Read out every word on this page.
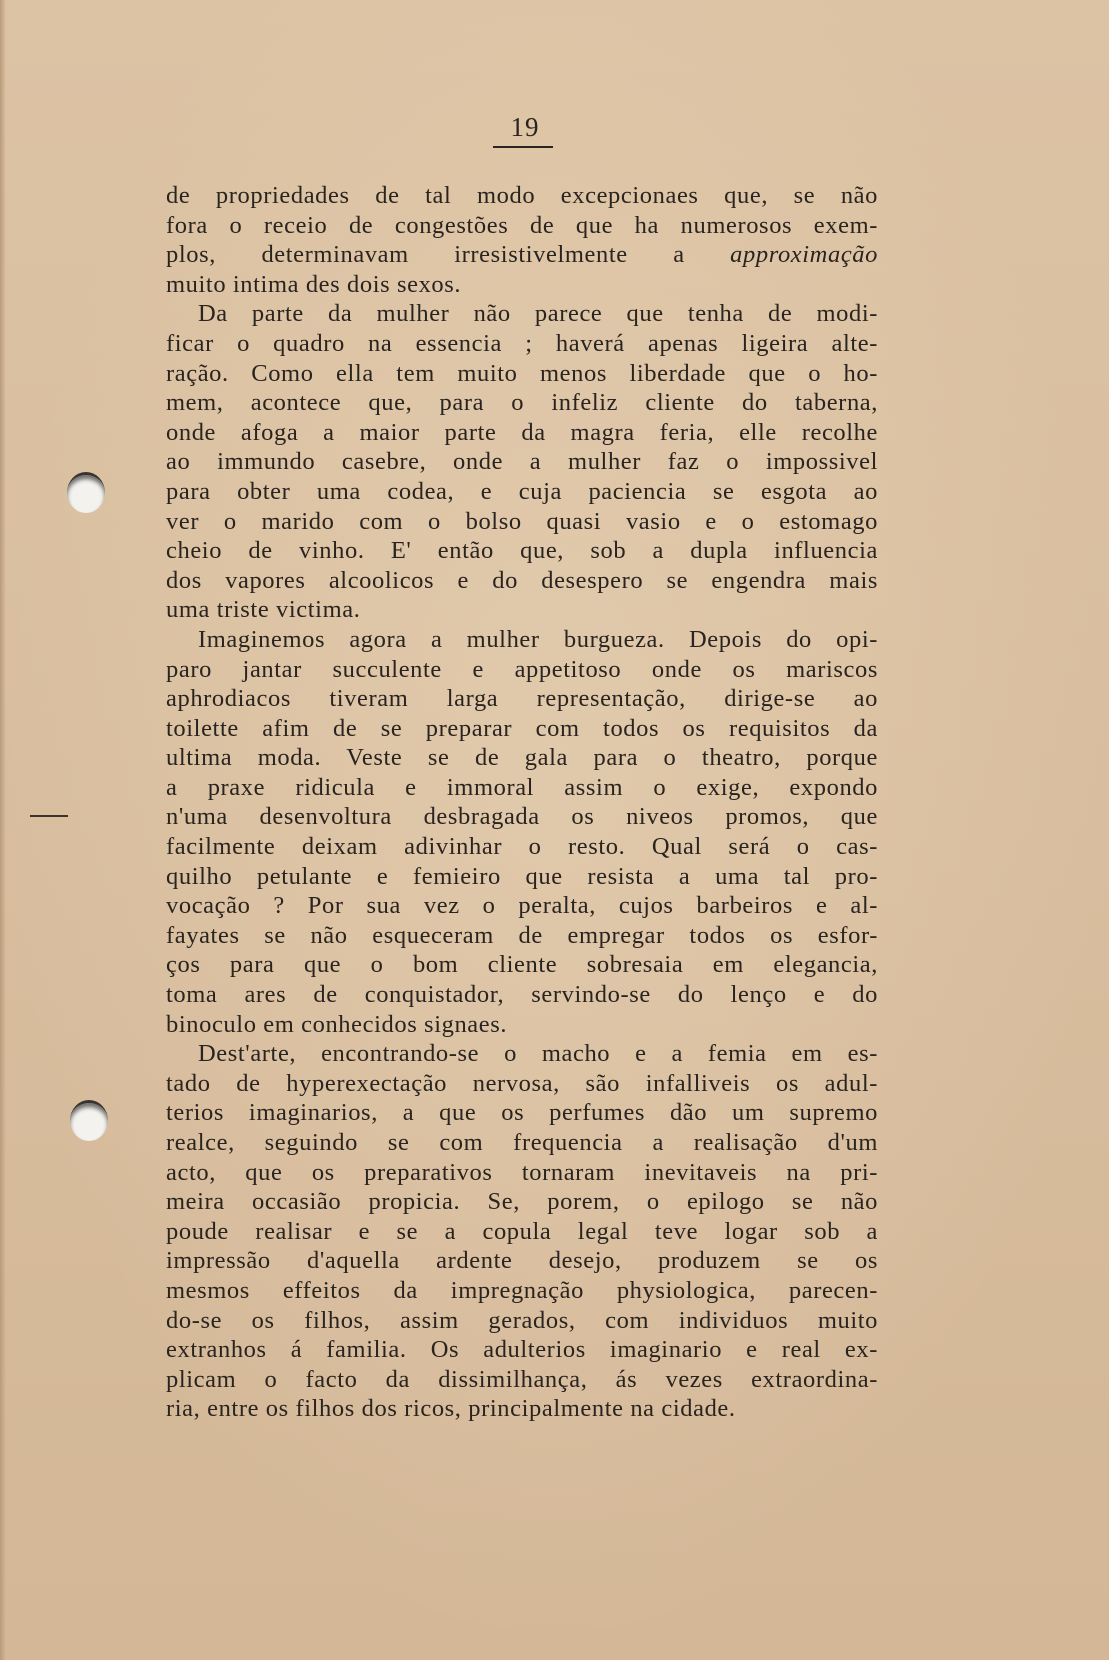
19
de propriedades de tal modo excepcionaes que, se não
fora o receio de congestões de que ha numerosos exem-
plos, determinavam irresistivelmente a approximação
muito intima des dois sexos.
Da parte da mulher não parece que tenha de modi-
ficar o quadro na essencia ; haverá apenas ligeira alte-
ração. Como ella tem muito menos liberdade que o ho-
mem, acontece que, para o infeliz cliente do taberna,
onde afoga a maior parte da magra feria, elle recolhe
ao immundo casebre, onde a mulher faz o impossivel
para obter uma codea, e cuja paciencia se esgota ao
ver o marido com o bolso quasi vasio e o estomago
cheio de vinho. E' então que, sob a dupla influencia
dos vapores alcoolicos e do desespero se engendra mais
uma triste victima.
Imaginemos agora a mulher burgueza. Depois do opi-
paro jantar succulente e appetitoso onde os mariscos
aphrodiacos tiveram larga representação, dirige-se ao
toilette afim de se preparar com todos os requisitos da
ultima moda. Veste se de gala para o theatro, porque
a praxe ridicula e immoral assim o exige, expondo
n'uma desenvoltura desbragada os niveos promos, que
facilmente deixam adivinhar o resto. Qual será o cas-
quilho petulante e femieiro que resista a uma tal pro-
vocação ? Por sua vez o peralta, cujos barbeiros e al-
fayates se não esqueceram de empregar todos os esfor-
ços para que o bom cliente sobresaia em elegancia,
toma ares de conquistador, servindo-se do lenço e do
binoculo em conhecidos signaes.
Dest'arte, encontrando-se o macho e a femia em es-
tado de hyperexectação nervosa, são infalliveis os adul-
terios imaginarios, a que os perfumes dão um supremo
realce, seguindo se com frequencia a realisação d'um
acto, que os preparativos tornaram inevitaveis na pri-
meira occasião propicia. Se, porem, o epilogo se não
poude realisar e se a copula legal teve logar sob a
impressão d'aquella ardente desejo, produzem se os
mesmos effeitos da impregnação physiologica, parecen-
do-se os filhos, assim gerados, com individuos muito
extranhos á familia. Os adulterios imaginario e real ex-
plicam o facto da dissimilhança, ás vezes extraordina-
ria, entre os filhos dos ricos, principalmente na cidade.
